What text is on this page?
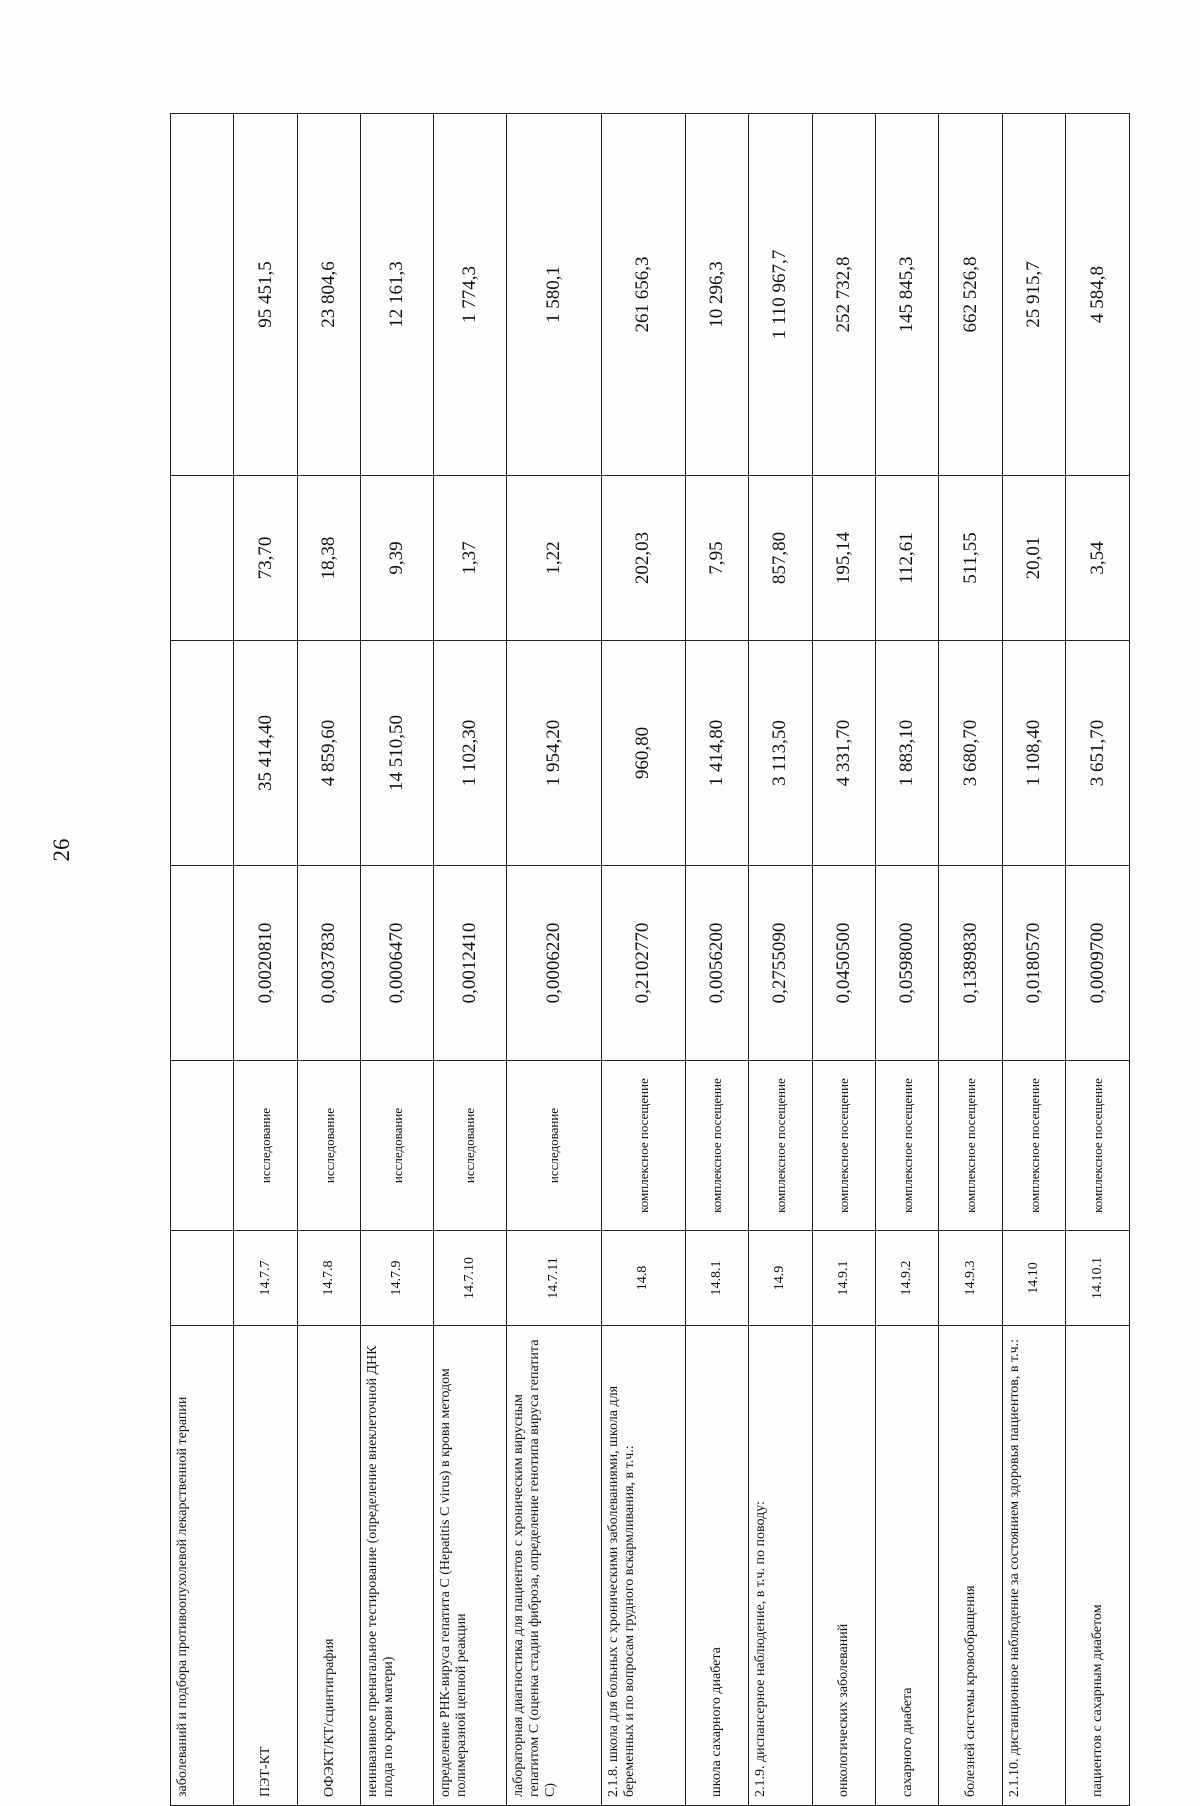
26
заболеваний и подбора противоопухолевой лекарственной терапии						
ПЭТ-КТ	14.7.7	исследование	0,0020810	35 414,40	73,70	95 451,5
ОФЭКТ/КТ/сцинтиграфия	14.7.8	исследование	0,0037830	4 859,60	18,38	23 804,6
неинвазивное пренатальное тестирование (определение внеклеточной ДНК плода по крови матери)	14.7.9	исследование	0,0006470	14 510,50	9,39	12 161,3
определение РНК-вируса гепатита С (Hepatitis C virus) в крови методом полимеразной цепной реакции	14.7.10	исследование	0,0012410	1 102,30	1,37	1 774,3
лабораторная диагностика для пациентов с хроническим вирусным гепатитом С (оценка стадии фиброза, определение генотипа вируса гепатита С)	14.7.11	исследование	0,0006220	1 954,20	1,22	1 580,1
2.1.8. школа для больных с хроническими заболеваниями, школа для беременных и по вопросам грудного вскармливания, в т.ч.:	14.8	комплексное посещение	0,2102770	960,80	202,03	261 656,3
школа сахарного диабета	14.8.1	комплексное посещение	0,0056200	1 414,80	7,95	10 296,3
2.1.9. диспансерное наблюдение, в т.ч. по поводу:	14.9	комплексное посещение	0,2755090	3 113,50	857,80	1 110 967,7
онкологических заболеваний	14.9.1	комплексное посещение	0,0450500	4 331,70	195,14	252 732,8
сахарного диабета	14.9.2	комплексное посещение	0,0598000	1 883,10	112,61	145 845,3
болезней системы кровообращения	14.9.3	комплексное посещение	0,1389830	3 680,70	511,55	662 526,8
2.1.10. дистанционное наблюдение за состоянием здоровья пациентов, в т.ч.:	14.10	комплексное посещение	0,0180570	1 108,40	20,01	25 915,7
пациентов с сахарным диабетом	14.10.1	комплексное посещение	0,0009700	3 651,70	3,54	4 584,8
